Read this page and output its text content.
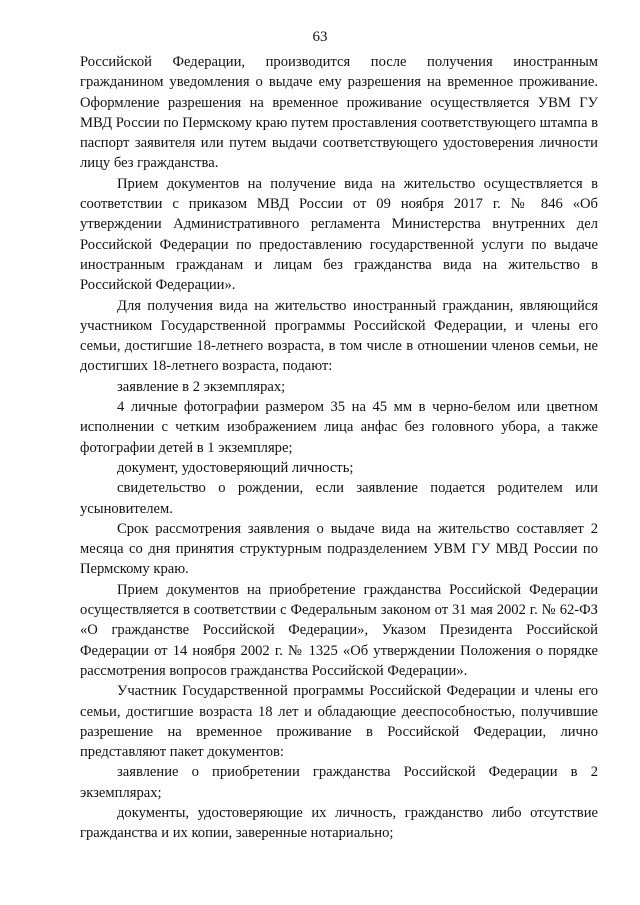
63

Российской Федерации, производится после получения иностранным гражданином уведомления о выдаче ему разрешения на временное проживание. Оформление разрешения на временное проживание осуществляется УВМ ГУ МВД России по Пермскому краю путем проставления соответствующего штампа в паспорт заявителя или путем выдачи соответствующего удостоверения личности лицу без гражданства.

Прием документов на получение вида на жительство осуществляется в соответствии с приказом МВД России от 09 ноября 2017 г. № 846 «Об утверждении Административного регламента Министерства внутренних дел Российской Федерации по предоставлению государственной услуги по выдаче иностранным гражданам и лицам без гражданства вида на жительство в Российской Федерации».

Для получения вида на жительство иностранный гражданин, являющийся участником Государственной программы Российской Федерации, и члены его семьи, достигшие 18-летнего возраста, в том числе в отношении членов семьи, не достигших 18-летнего возраста, подают:

заявление в 2 экземплярах;

4 личные фотографии размером 35 на 45 мм в черно-белом или цветном исполнении с четким изображением лица анфас без головного убора, а также фотографии детей в 1 экземпляре;

документ, удостоверяющий личность;

свидетельство о рождении, если заявление подается родителем или усыновителем.

Срок рассмотрения заявления о выдаче вида на жительство составляет 2 месяца со дня принятия структурным подразделением УВМ ГУ МВД России по Пермскому краю.

Прием документов на приобретение гражданства Российской Федерации осуществляется в соответствии с Федеральным законом от 31 мая 2002 г. № 62-ФЗ «О гражданстве Российской Федерации», Указом Президента Российской Федерации от 14 ноября 2002 г. № 1325 «Об утверждении Положения о порядке рассмотрения вопросов гражданства Российской Федерации».

Участник Государственной программы Российской Федерации и члены его семьи, достигшие возраста 18 лет и обладающие дееспособностью, получившие разрешение на временное проживание в Российской Федерации, лично представляют пакет документов:

заявление о приобретении гражданства Российской Федерации в 2 экземплярах;

документы, удостоверяющие их личность, гражданство либо отсутствие гражданства и их копии, заверенные нотариально;
